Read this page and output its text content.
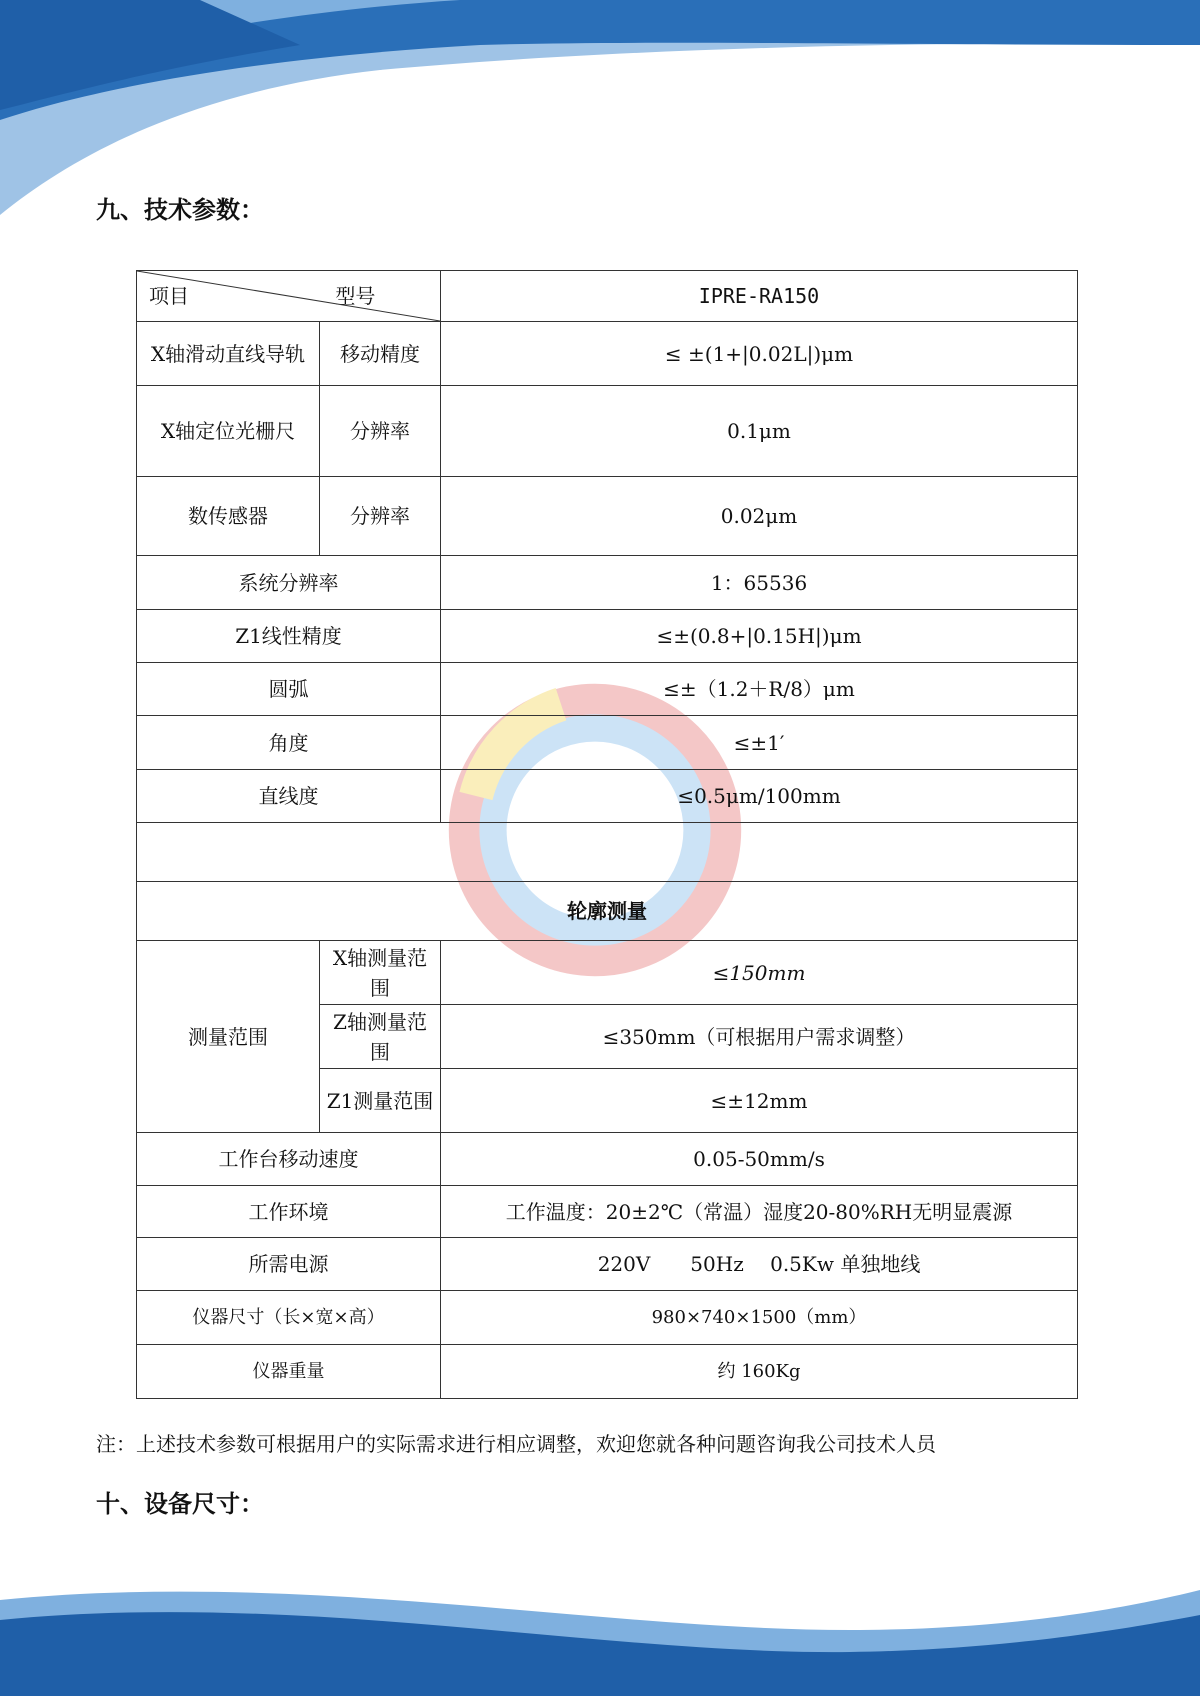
九、技术参数：
项目 型号		IPRE-RA150
X轴滑动直线导轨	移动精度	≤ ±(1+|0.02L|)μm
X轴定位光栅尺	分辨率	0.1μm
数传感器	分辨率	0.02μm
系统分辨率		1：65536
Z1线性精度		≤±(0.8+|0.15H|)μm
圆弧		≤±（1.2＋R/8）μm
角度		≤±1′
直线度		≤0.5μm/100mm

轮廓测量		
测量范围	X轴测量范围	≤150mm
	Z轴测量范围	≤350mm（可根据用户需求调整）
	Z1测量范围	≤±12mm
工作台移动速度		0.05-50mm/s
工作环境		工作温度：20±2℃（常温）湿度20-80%RH无明显震源
所需电源		220V　　50Hz　 0.5Kw 单独地线
仪器尺寸（长×宽×高）		980×740×1500（mm）
仪器重量		约 160Kg
注：上述技术参数可根据用户的实际需求进行相应调整，欢迎您就各种问题咨询我公司技术人员
十、设备尺寸：
